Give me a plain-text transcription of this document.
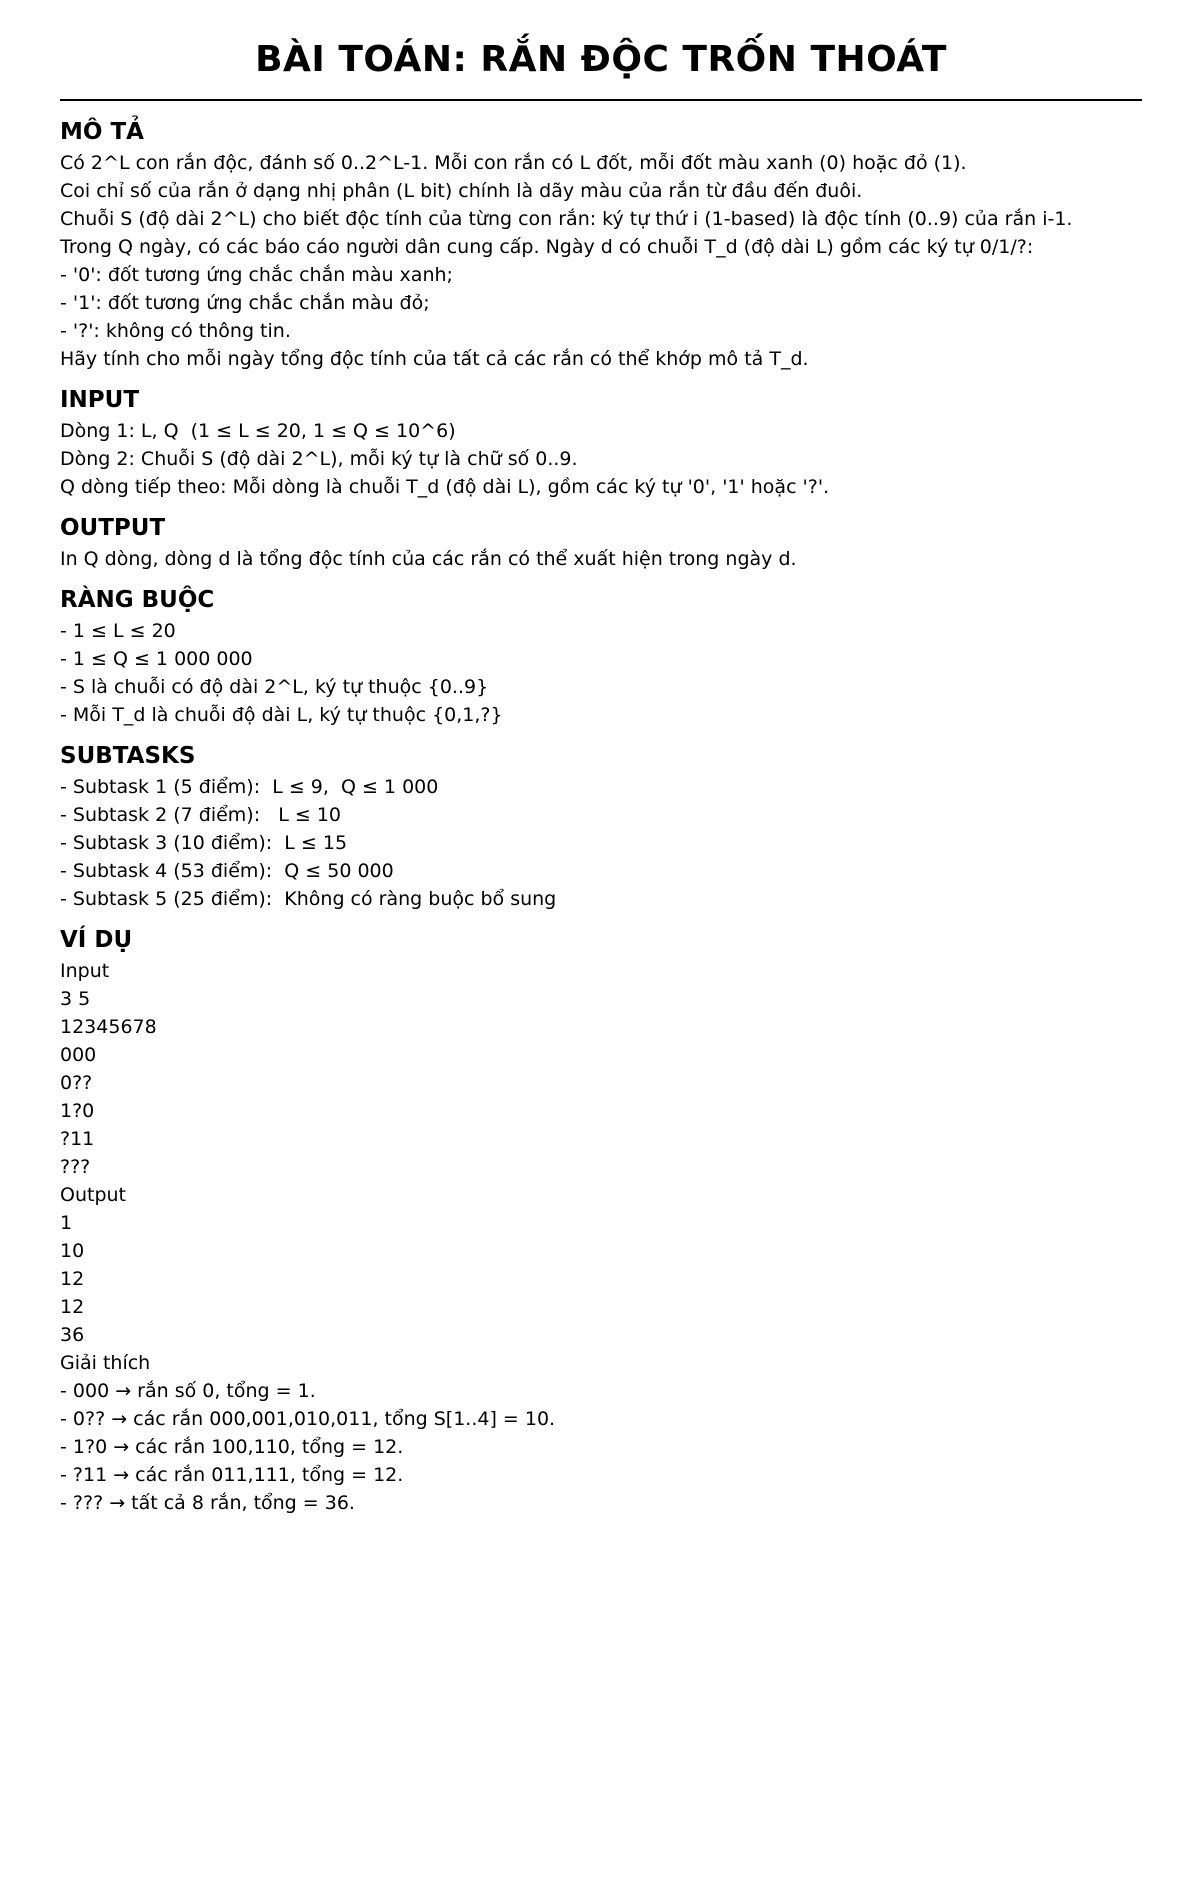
BÀI TOÁN: RẮN ĐỘC TRỐN THOÁT
MÔ TẢ
Có 2^L con rắn độc, đánh số 0..2^L-1. Mỗi con rắn có L đốt, mỗi đốt màu xanh (0) hoặc đỏ (1).
Coi chỉ số của rắn ở dạng nhị phân (L bit) chính là dãy màu của rắn từ đầu đến đuôi.
Chuỗi S (độ dài 2^L) cho biết độc tính của từng con rắn: ký tự thứ i (1-based) là độc tính (0..9) của rắn i-1.
Trong Q ngày, có các báo cáo người dân cung cấp. Ngày d có chuỗi T_d (độ dài L) gồm các ký tự 0/1/?:
- '0': đốt tương ứng chắc chắn màu xanh;
- '1': đốt tương ứng chắc chắn màu đỏ;
- '?': không có thông tin.
Hãy tính cho mỗi ngày tổng độc tính của tất cả các rắn có thể khớp mô tả T_d.
INPUT
Dòng 1: L, Q  (1 ≤ L ≤ 20, 1 ≤ Q ≤ 10^6)
Dòng 2: Chuỗi S (độ dài 2^L), mỗi ký tự là chữ số 0..9.
Q dòng tiếp theo: Mỗi dòng là chuỗi T_d (độ dài L), gồm các ký tự '0', '1' hoặc '?'.
OUTPUT
In Q dòng, dòng d là tổng độc tính của các rắn có thể xuất hiện trong ngày d.
RÀNG BUỘC
- 1 ≤ L ≤ 20
- 1 ≤ Q ≤ 1 000 000
- S là chuỗi có độ dài 2^L, ký tự thuộc {0..9}
- Mỗi T_d là chuỗi độ dài L, ký tự thuộc {0,1,?}
SUBTASKS
- Subtask 1 (5 điểm):  L ≤ 9,  Q ≤ 1 000
- Subtask 2 (7 điểm):   L ≤ 10
- Subtask 3 (10 điểm):  L ≤ 15
- Subtask 4 (53 điểm):  Q ≤ 50 000
- Subtask 5 (25 điểm):  Không có ràng buộc bổ sung
VÍ DỤ
Input
3 5
12345678
000
0??
1?0
?11
???
Output
1
10
12
12
36
Giải thích
- 000 → rắn số 0, tổng = 1.
- 0?? → các rắn 000,001,010,011, tổng S[1..4] = 10.
- 1?0 → các rắn 100,110, tổng = 12.
- ?11 → các rắn 011,111, tổng = 12.
- ??? → tất cả 8 rắn, tổng = 36.
